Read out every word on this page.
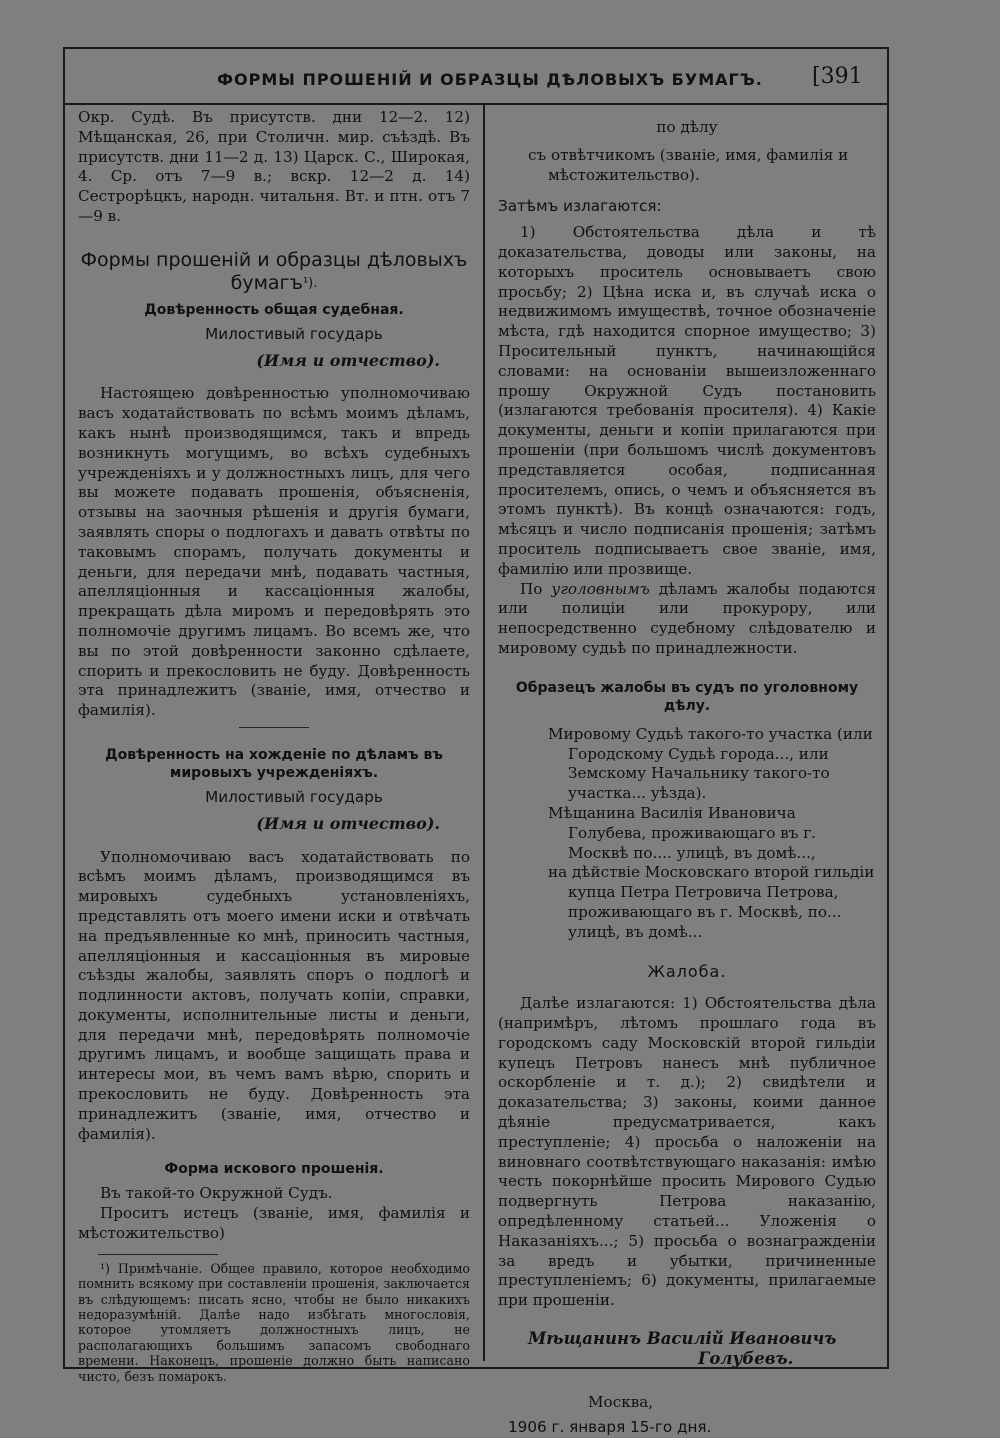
ФОРМЫ ПРОШЕНІЙ И ОБРАЗЦЫ ДѢЛОВЫХЪ БУМАГЪ.	[391

Окр. Судѣ. Въ присутств. дни 12—2. 12) Мѣщанская, 26, при Столичн. мир. съѣздѣ. Въ присутств. дни 11—2 д. 13) Царск. С., Широкая, 4. Ср. отъ 7—9 в.; вскр. 12—2 д. 14) Сестрорѣцкъ, народн. читальня. Вт. и птн. отъ 7—9 в.

Формы прошеній и образцы дѣловыхъ бумагъ$^{^1).}$
Довѣренность общая судебная.
Милостивый государь
(Имя и отчество).

Настоящею довѣренностью уполномочиваю васъ ходатайствовать по всѣмъ моимъ дѣламъ, какъ нынѣ производящимся, такъ и впредь возникнуть могущимъ, во всѣхъ судебныхъ учрежденіяхъ и у должностныхъ лицъ, для чего вы можете подавать прошенія, объясненія, отзывы на заочныя рѣшенія и другія бумаги, заявлять споры о подлогахъ и давать отвѣты по таковымъ спорамъ, получать документы и деньги, для передачи мнѣ, подавать частныя, апелляціонныя и кассаціонныя жалобы, прекращать дѣла миромъ и передовѣрять это полномочіе другимъ лицамъ. Во всемъ же, что вы по этой довѣренности законно сдѣлаете, спорить и прекословить не буду. Довѣренность эта принадлежитъ (званіе, имя, отчество и фамилія).

Довѣренность на хожденіе по дѣламъ въ мировыхъ учрежденіяхъ.
Милостивый государь
(Имя и отчество).

Уполномочиваю васъ ходатайствовать по всѣмъ моимъ дѣламъ, производящимся въ мировыхъ судебныхъ установленіяхъ, представлять отъ моего имени иски и отвѣчать на предъявленные ко мнѣ, приносить частныя, апелляціонныя и кассаціонныя въ мировые съѣзды жалобы, заявлять споръ о подлогѣ и подлинности актовъ, получать копіи, справки, документы, исполнительные листы и деньги, для передачи мнѣ, передовѣрять полномочіе другимъ лицамъ, и вообще защищать права и интересы мои, въ чемъ вамъ вѣрю, спорить и прекословить не буду. Довѣренность эта принадлежитъ (званіе, имя, отчество и фамилія).

Форма искового прошенія.

Въ такой-то Окружной Судъ.

Проситъ истецъ (званіе, имя, фамилія и мѣстожительство)

¹) Примѣчаніе. Общее правило, которое необходимо помнить всякому при составленіи прошенія, заключается въ слѣдующемъ: писать ясно, чтобы не было никакихъ недоразумѣній. Далѣе надо избѣгать многословія, которое утомляетъ должностныхъ лицъ, не располагающихъ большимъ запасомъ свободнаго времени. Наконецъ, прошеніе должно быть написано чисто, безъ помарокъ.

по дѣлу

съ отвѣтчикомъ (званіе, имя, фамилія и мѣстожительство).

Затѣмъ излагаются:

1) Обстоятельства дѣла и тѣ доказательства, доводы или законы, на которыхъ проситель основываетъ свою просьбу; 2) Цѣна иска и, въ случаѣ иска о недвижимомъ имуществѣ, точное обозначеніе мѣста, гдѣ находится спорное имущество; 3) Просительный пунктъ, начинающійся словами: на основаніи вышеизложеннаго прошу Окружной Судъ постановить (излагаются требованія просителя). 4) Какіе документы, деньги и копіи прилагаются при прошеніи (при большомъ числѣ документовъ представляется особая, подписанная просителемъ, опись, о чемъ и объясняется въ этомъ пунктѣ). Въ концѣ означаются: годъ, мѣсяцъ и число подписанія прошенія; затѣмъ проситель подписываетъ свое званіе, имя, фамилію или прозвище.

По уголовнымъ дѣламъ жалобы подаются или полиціи или прокурору, или непосредственно судебному слѣдователю и мировому судьѣ по принадлежности.

Образецъ жалобы въ судъ по уголовному дѣлу.

Мировому Судьѣ такого-то участка (или Городскому Судьѣ города..., или Земскому Начальнику такого-то участка... уѣзда).

Мѣщанина Василія Ивановича Голубева, проживающаго въ г. Москвѣ по.... улицѣ, въ домѣ...,

на дѣйствіе Московскаго второй гильдіи купца Петра Петровича Петрова, проживающаго въ г. Москвѣ, по... улицѣ, въ домѣ...

Жалоба.

Далѣе излагаются: 1) Обстоятельства дѣла (напримѣръ, лѣтомъ прошлаго года въ городскомъ саду Московскій второй гильдіи купецъ Петровъ нанесъ мнѣ публичное оскорбленіе и т. д.); 2) свидѣтели и доказательства; 3) законы, коими данное дѣяніе предусматривается, какъ преступленіе; 4) просьба о наложеніи на виновнаго соотвѣтствующаго наказанія: имѣю честь покорнѣйше просить Мирового Судью подвергнуть Петрова наказанію, опредѣленному статьей... Уложенія о Наказаніяхъ...; 5) просьба о вознагражденіи за вредъ и убытки, причиненные преступленіемъ; 6) документы, прилагаемые при прошеніи.

Мѣщанинъ Василій Ивановичъ
Голубевъ.
Москва,
1906 г. января 15-го дня.
